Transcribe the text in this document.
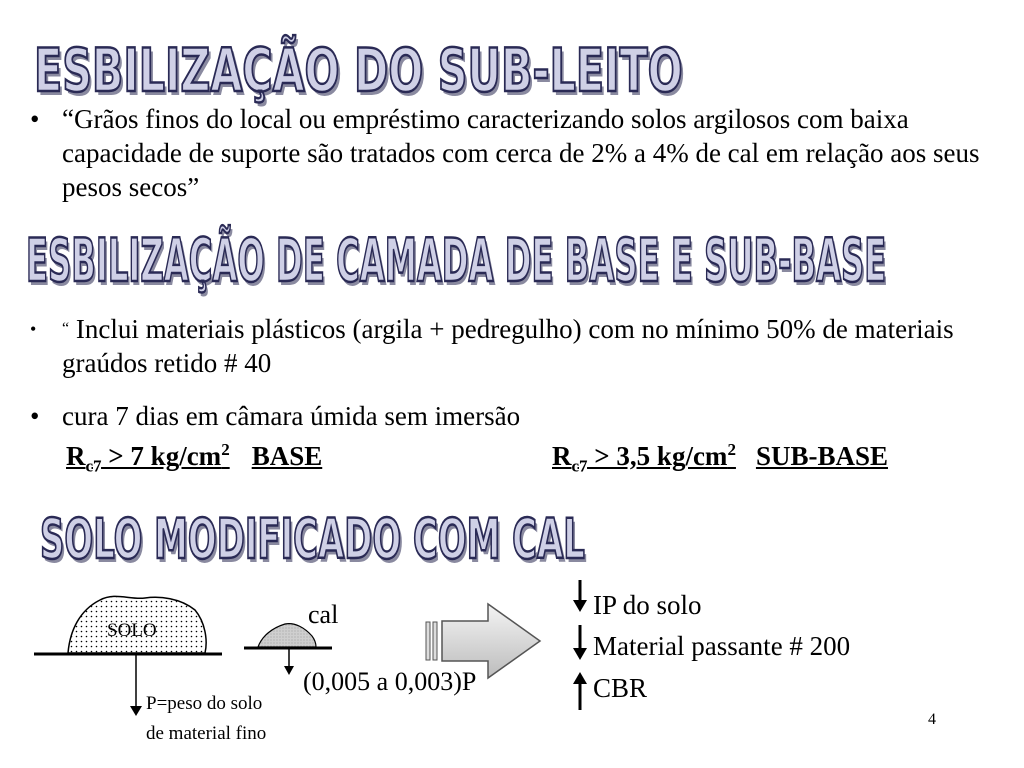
ESBILIZAÇÃO DO SUB-LEITO
• “Grãos finos do local ou empréstimo caracterizando solos argilosos com baixa capacidade de suporte são tratados com cerca de 2% a 4% de cal em relação aos seus pesos secos”
ESBILIZAÇÃO DE CAMADA DE BASE E SUB-BASE
•	“ Inclui materiais plásticos (argila + pedregulho) com no mínimo 50% de materiais graúdos retido # 40
• cura 7 dias em câmara úmida sem imersão
$R_{c7} > 7$ $kg/cm^2$ BASE	$R_{c7} > 3,5$ $kg/cm^2$ SUB-BASE
SOLO MODIFICADO COM CAL
SOLO
cal
P=peso do solo
de material fino
(0,005 a 0,003)P
IP do solo
Material passante # 200
CBR
4
